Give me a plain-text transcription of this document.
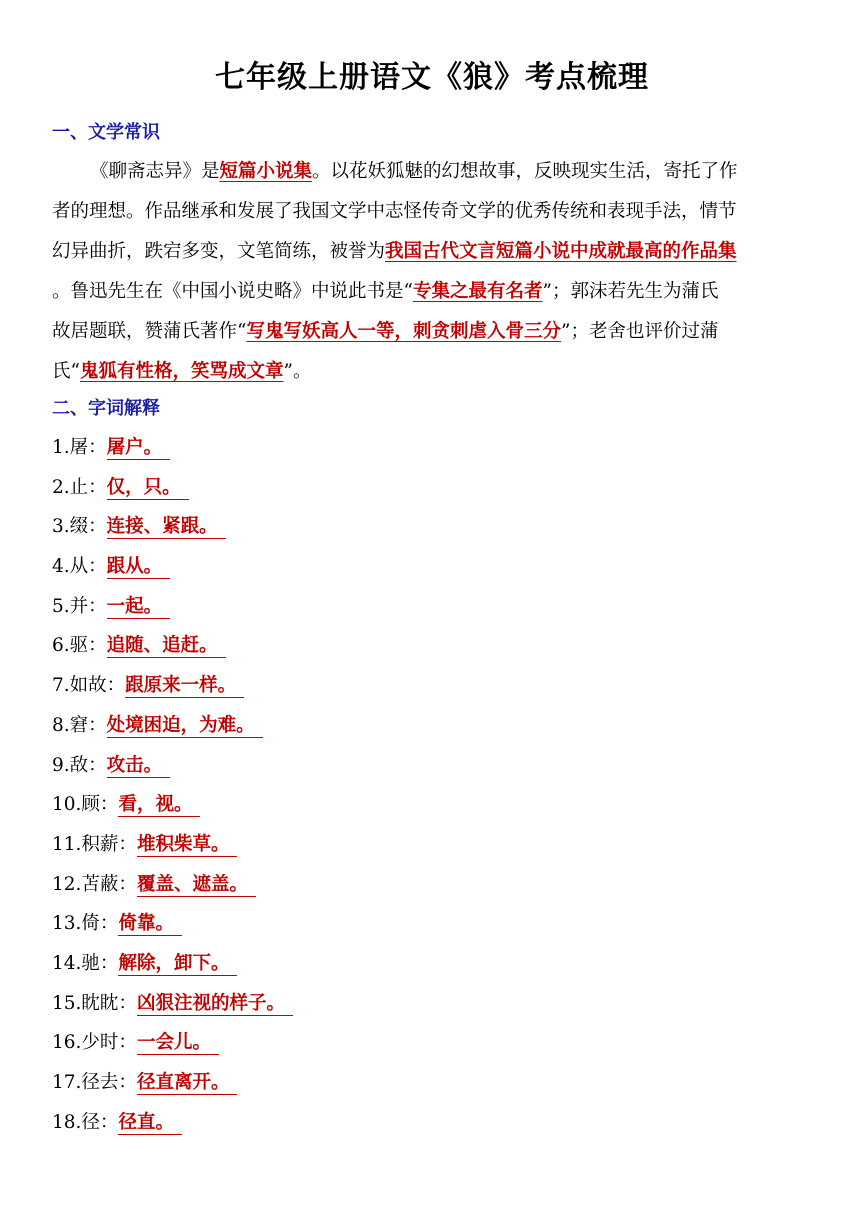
七年级上册语文《狼》考点梳理
一、文学常识
《聊斋志异》是短篇小说集。以花妖狐魅的幻想故事，反映现实生活，寄托了作
者的理想。作品继承和发展了我国文学中志怪传奇文学的优秀传统和表现手法，情节
幻异曲折，跌宕多变，文笔简练，被誉为我国古代文言短篇小说中成就最高的作品集
。鲁迅先生在《中国小说史略》中说此书是“专集之最有名者”；郭沫若先生为蒲氏
故居题联，赞蒲氏著作“写鬼写妖高人一等，刺贪刺虐入骨三分”；老舍也评价过蒲
氏“鬼狐有性格，笑骂成文章”。
二、字词解释
1.屠：屠户。
2.止：仅，只。
3.缀：连接、紧跟。
4.从：跟从。
5.并：一起。
6.驱：追随、追赶。
7.如故：跟原来一样。
8.窘：处境困迫，为难。
9.敌：攻击。
10.顾：看，视。
11.积薪：堆积柴草。
12.苫蔽：覆盖、遮盖。
13.倚：倚靠。
14.驰：解除，卸下。
15.眈眈：凶狠注视的样子。
16.少时：一会儿。
17.径去：径直离开。
18.径：径直。
